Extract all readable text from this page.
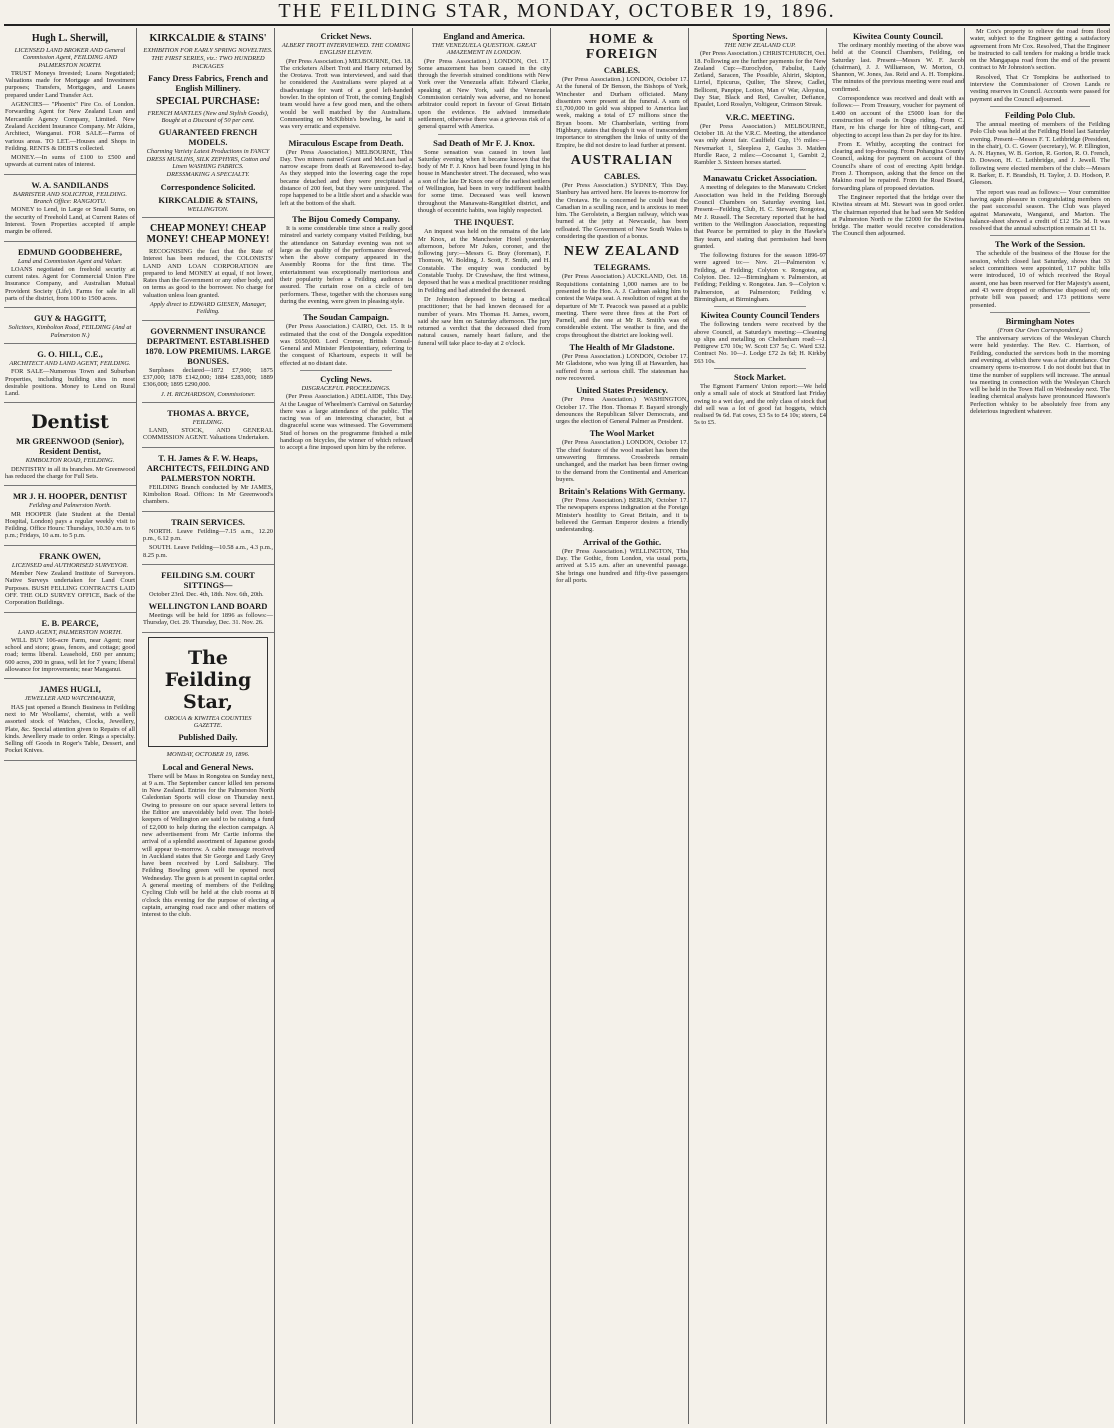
THE FEILDING STAR, MONDAY, OCTOBER 19, 1896.
Hugh L. Sherwill,
LICENSED LAND BROKER AND General Commission Agent, FEILDING AND PALMERSTON NORTH.

TRUST Moneys Invested; Loans Negotiated; Valuations made for Mortgage and Investment purposes; Transfers, Mortgages, and Leases prepared under Land Transfer Act.

AGENCIES— "Phoenix" Fire Co. of London. Forwarding Agent for New Zealand Loan and Mercantile Agency Company, Limited. New Zealand Accident Insurance Company. Mr Atkins, Architect, Wanganui. FOR SALE—Farms of various areas. TO LET.—Houses and Shops in Feilding. RENTS & DEBTS collected.

MONEY.—In sums of £100 to £500 and upwards at current rates of interest.

W. A. SANDILANDS
BARRISTER AND SOLICITOR, FEILDING. Branch Office: RANGIOTU.

MONEY to Lend, in Large or Small Sums, on the security of Freehold Land, at Current Rates of Interest. Town Properties accepted if ample margin be offered.

EDMUND GOODBEHERE,
Land and Commission Agent and Valuer.

LOANS negotiated on freehold security at current rates. Agent for Commercial Union Fire Insurance Company, and Australian Mutual Provident Society (Life). Farms for sale in all parts of the district, from 100 to 1500 acres.

GUY & HAGGITT,
Solicitors, Kimbolton Road, FEILDING (And at Palmerston N.)
G. O. HILL, C.E.,
ARCHITECT AND LAND AGENT, FEILDING.

FOR SALE—Numerous Town and Suburban Properties, including building sites in most desirable positions. Money to Lend on Rural Land.

Dentist
MR GREENWOOD (Senior), Resident Dentist,
KIMBOLTON ROAD, FEILDING.

DENTISTRY in all its branches. Mr Greenwood has reduced the charge for Full Sets.

MR J. H. HOOPER, DENTIST
Feilding and Palmerston North.

MR HOOPER (late Student at the Dental Hospital, London) pays a regular weekly visit to Feilding. Office Hours: Thursdays, 10.30 a.m. to 6 p.m.; Fridays, 10 a.m. to 5 p.m.

FRANK OWEN,
LICENSED and AUTHORISED SURVEYOR.

Member New Zealand Institute of Surveyors. Native Surveys undertaken for Land Court Purposes. BUSH FELLING CONTRACTS LAID OFF. THE OLD SURVEY OFFICE, Back of the Corporation Buildings.

E. B. PEARCE,
LAND AGENT, PALMERSTON NORTH.

WILL BUY 106-acre Farm, near Agent; near school and store; grass, fences, and cottage; good road; terms liberal. Leasehold, £60 per annum; 600 acres, 200 in grass, will let for 7 years; liberal allowance for improvements; near Manganui.

JAMES HUGLI,
JEWELLER AND WATCHMAKER,

HAS just opened a Branch Business in Feilding next to Mr Woollams', chemist, with a well assorted stock of Watches, Clocks, Jewellery, Plate, &c. Special attention given to Repairs of all kinds. Jewellery made to order. Rings a specialty. Selling off Goods in Roger's Table, Dessert, and Pocket Knives.

KIRKCALDIE & STAINS'
EXHIBITION FOR EARLY SPRING NOVELTIES.
THE FIRST SERIES, viz.: TWO HUNDRED PACKAGES
Fancy Dress Fabrics, French and English Millinery.
SPECIAL PURCHASE:
FRENCH MANTLES (New and Stylish Goods), Bought at a Discount of 50 per cent.
GUARANTEED FRENCH MODELS.
Charming Variety Latest Productions in FANCY DRESS MUSLINS, SILK ZEPHYRS, Cotton and Linen WASHING FABRICS.
DRESSMAKING A SPECIALTY.
Correspondence Solicited.
KIRKCALDIE & STAINS,
WELLINGTON.
CHEAP MONEY! CHEAP MONEY! CHEAP MONEY!

RECOGNISING the fact that the Rate of Interest has been reduced, the COLONISTS' LAND AND LOAN CORPORATION are prepared to lend MONEY at equal, if not lower, Rates than the Government or any other body, and on terms as good to the borrower. No charge for valuation unless loan granted.

Apply direct to EDWARD GIESEN, Manager, Feilding.
GOVERNMENT INSURANCE DEPARTMENT. ESTABLISHED 1870. LOW PREMIUMS. LARGE BONUSES.

Surpluses declared—1872 £7,900; 1875 £37,000; 1878 £142,000; 1884 £283,000; 1889 £306,000; 1895 £290,000.

J. H. RICHARDSON, Commissioner.
THOMAS A. BRYCE,
FEILDING.

LAND, STOCK, AND GENERAL COMMISSION AGENT. Valuations Undertaken.

T. H. James & F. W. Heaps, ARCHITECTS, FEILDING AND PALMERSTON NORTH.

FEILDING Branch conducted by Mr JAMES, Kimbolton Road. Offices: In Mr Greenwood's chambers.

TRAIN SERVICES.

NORTH. Leave Feilding—7.15 a.m., 12.20 p.m., 6.12 p.m.

SOUTH. Leave Feilding—10.58 a.m., 4.3 p.m., 8.25 p.m.

FEILDING S.M. COURT SITTINGS—

October 23rd. Dec. 4th, 18th. Nov. 6th, 20th.

WELLINGTON LAND BOARD

Meetings will be held for 1896 as follows:— Thursday, Oct. 29. Thursday, Dec. 31. Nov. 26.

The Feilding Star,
OROUA & KIWITEA COUNTIES GAZETTE.
Published Daily.
MONDAY, OCTOBER 19, 1896.
Local and General News.

There will be Mass in Rongotea on Sunday next, at 9 a.m. The September cancer killed ten persons in New Zealand. Entries for the Palmerston North Caledonian Sports will close on Thursday next. Owing to pressure on our space several letters to the Editor are unavoidably held over. The hotel-keepers of Wellington are said to be raising a fund of £2,000 to help during the election campaign. A new advertisement from Mr Cartie informs the arrival of a splendid assortment of Japanese goods will appear to-morrow. A cable message received in Auckland states that Sir George and Lady Grey have been received by Lord Salisbury. The Feilding Bowling green will be opened next Wednesday. The green is at present in capital order. A general meeting of members of the Feilding Cycling Club will be held at the club rooms at 8 o'clock this evening for the purpose of electing a captain, arranging road race and other matters of interest to the club.

Cricket News.
ALBERT TROTT INTERVIEWED. THE COMING ENGLISH ELEVEN.

(Per Press Association.) MELBOURNE, Oct. 18. The cricketers Albert Trott and Harry returned by the Orotava. Trott was interviewed, and said that he considered the Australians were played at a disadvantage for want of a good left-handed bowler. In the opinion of Trott, the coming English team would have a few good men, and the others would be well matched by the Australians. Commenting on McKibbin's bowling, he said it was very erratic and expensive.

Miraculous Escape from Death.

(Per Press Association.) MELBOURNE, This Day. Two miners named Grant and McLean had a narrow escape from death at Ravenswood to-day. As they stepped into the lowering cage the rope became detached and they were precipitated a distance of 200 feet, but they were uninjured. The rope happened to be a little short and a shackle was left at the bottom of the shaft.

The Bijou Comedy Company.

It is some considerable time since a really good minstrel and variety company visited Feilding, but the attendance on Saturday evening was not so large as the quality of the performance deserved, when the above company appeared in the Assembly Rooms for the first time. The entertainment was exceptionally meritorious and their popularity before a Feilding audience is assured. The curtain rose on a circle of ten performers. These, together with the choruses sung during the evening, were given in pleasing style.

The Soudan Campaign.

(Per Press Association.) CAIRO, Oct. 15. It is estimated that the cost of the Dongola expedition was £650,000. Lord Cromer, British Consul-General and Minister Plenipotentiary, referring to the conquest of Khartoum, expects it will be effected at no distant date.

Cycling News.
DISGRACEFUL PROCEEDINGS.

(Per Press Association.) ADELAIDE, This Day. At the League of Wheelmen's Carnival on Saturday there was a large attendance of the public. The racing was of an interesting character, but a disgraceful scene was witnessed. The Government Stud of horses on the programme finished a mile handicap on bicycles, the winner of which refused to accept a fine imposed upon him by the referee.

England and America.
THE VENEZUELA QUESTION. GREAT AMAZEMENT IN LONDON.

(Per Press Association.) LONDON, Oct. 17. Some amazement has been caused in the city through the feverish strained conditions with New York over the Venezuela affair. Edward Clarke, speaking at New York, said the Venezuela Commission certainly was adverse, and no honest arbitrator could report in favour of Great Britain upon the evidence. He advised immediate settlement, otherwise there was a grievous risk of a general quarrel with America.

Sad Death of Mr F. J. Knox.

Some sensation was caused in town last Saturday evening when it became known that the body of Mr F. J. Knox had been found lying in his house in Manchester street. The deceased, who was a son of the late Dr Knox one of the earliest settlers of Wellington, had been in very indifferent health for some time. Deceased was well known throughout the Manawatu-Rangitikei district, and though of eccentric habits, was highly respected.

THE INQUEST.

An inquest was held on the remains of the late Mr Knox, at the Manchester Hotel yesterday afternoon, before Mr Jukes, coroner, and the following jury:—Messrs G. Bray (foreman), F. Thomson, W. Bolding, J. Scott, F. Smith, and H. Constable. The enquiry was conducted by Constable Tuohy. Dr Crawshaw, the first witness, deposed that he was a medical practitioner residing in Feilding and had attended the deceased.

Dr Johnston deposed to being a medical practitioner; that he had known deceased for a number of years. Mrs Thomas H. James, sworn, said she saw him on Saturday afternoon. The jury returned a verdict that the deceased died from natural causes, namely heart failure, and the funeral will take place to-day at 2 o'clock.

HOME & FOREIGN
CABLES.

(Per Press Association.) LONDON, October 17. At the funeral of Dr Benson, the Bishops of York, Winchester and Durham officiated. Many dissenters were present at the funeral. A sum of £1,700,000 in gold was shipped to America last week, making a total of £7 millions since the Bryan boom. Mr Chamberlain, writing from Highbury, states that though it was of transcendent importance to strengthen the links of unity of the Empire, he did not desire to lead further at present.

AUSTRALIAN
CABLES.

(Per Press Association.) SYDNEY, This Day. Stanbury has arrived here. He leaves to-morrow for the Orotava. He is concerned he could beat the Canadian in a sculling race, and is anxious to meet him. The Gerolstein, a Bergian railway, which was burned at the jetty at Newcastle, has been refloated. The Government of New South Wales is considering the question of a bonus.

NEW ZEALAND
TELEGRAMS.

(Per Press Association.) AUCKLAND, Oct. 18. Requisitions containing 1,000 names are to be presented to the Hon. A. J. Cadman asking him to contest the Waipa seat. A resolution of regret at the departure of Mr T. Peacock was passed at a public meeting. There were three fires at the Port of Parnell, and the one at Mr R. Smith's was of considerable extent. The weather is fine, and the crops throughout the district are looking well.

The Health of Mr Gladstone.

(Per Press Association.) LONDON, October 17. Mr Gladstone, who was lying ill at Hawarden, has suffered from a serious chill. The statesman has now recovered.

United States Presidency.

(Per Press Association.) WASHINGTON, October 17. The Hon. Thomas F. Bayard strongly denounces the Republican Silver Democrats, and urges the election of General Palmer as President.

The Wool Market

(Per Press Association.) LONDON, October 17. The chief feature of the wool market has been the unwavering firmness. Crossbreds remain unchanged, and the market has been firmer owing to the demand from the Continental and American buyers.

Britain's Relations With Germany.

(Per Press Association.) BERLIN, October 17. The newspapers express indignation at the Foreign Minister's hostility to Great Britain, and it is believed the German Emperor desires a friendly understanding.

Arrival of the Gothic.

(Per Press Association.) WELLINGTON, This Day. The Gothic, from London, via usual ports, arrived at 5.15 a.m. after an uneventful passage. She brings one hundred and fifty-five passengers for all ports.

Sporting News.
THE NEW ZEALAND CUP.

(Per Press Association.) CHRISTCHURCH, Oct. 18. Following are the further payments for the New Zealand Cup:—Euroclydon, Fabulist, Lady Zetland, Saracen, The Possible, Ahiriri, Skipton, Lirriel, Epicurus, Quilter, The Shrew, Cadlet, Bellicent, Panpipe, Lotion, Man o' War, Aloysius, Day Star, Black and Red, Cavalier, Defiance, Epaulet, Lord Rosslyn, Voltigeur, Crimson Streak.

V.R.C. MEETING.

(Per Press Association.) MELBOURNE, October 18. At the V.R.C. Meeting, the attendance was only about fair. Caulfield Cup, 1½ miles:—Newmarket 1, Sleepless 2, Gaulus 3. Maiden Hurdle Race, 2 miles:—Cocoanut 1, Gambit 2, Rambler 3. Sixteen horses started.

Manawatu Cricket Association.

A meeting of delegates to the Manawatu Cricket Association was held in the Feilding Borough Council Chambers on Saturday evening last. Present—Feilding Club, H. C. Stewart; Rongotea, Mr J. Russell. The Secretary reported that he had written to the Wellington Association, requesting that Pearce be permitted to play in the Hawke's Bay team, and stating that permission had been granted.

The following fixtures for the season 1896-97 were agreed to:— Nov. 21—Palmerston v. Feilding, at Feilding; Colyton v. Rongotea, at Colyton. Dec. 12—Birmingham v. Palmerston, at Feilding; Feilding v. Rongotea. Jan. 9—Colyton v. Palmerston, at Palmerston; Feilding v. Birmingham, at Birmingham.

Kiwitea County Council Tenders

The following tenders were received by the above Council, at Saturday's meeting:—Cleaning up slips and metalling on Cheltenham road:—J. Pettigrew £70 10s; W. Scott £37 5s; C. Ward £32. Contract No. 10—J. Lodge £72 2s 6d; H. Kirkby £63 10s.

Stock Market.

The Egmont Farmers' Union report:—We held only a small sale of stock at Stratford last Friday owing to a wet day, and the only class of stock that did sell was a lot of good fat hoggets, which realised 9s 6d. Fat cows, £3 5s to £4 10s; steers, £4 5s to £5.

Kiwitea County Council.

The ordinary monthly meeting of the above was held at the Council Chambers, Feilding, on Saturday last. Present—Messrs W. F. Jacob (chairman), J. J. Williamson, W. Morton, O. Shannon, W. Jones, Jas. Reid and A. H. Tompkins. The minutes of the previous meeting were read and confirmed.

Correspondence was received and dealt with as follows:— From Treasury, voucher for payment of L400 on account of the £5000 loan for the construction of roads in Ongo riding. From C. Hare, re his charge for hire of tilting-cart, and objecting to accept less than 2s per day for its hire.

From E. Whitby, accepting the contract for clearing and top-dressing. From Pohangina County Council, asking for payment on account of this Council's share of cost of erecting Apiti bridge. From J. Thompson, asking that the fence on the Makino road be repaired. From the Road Board, forwarding plans of proposed deviation.

The Engineer reported that the bridge over the Kiwitea stream at Mt. Stewart was in good order. The chairman reported that he had seen Mr Seddon at Palmerston North re the £2000 for the Kiwitea bridge. The matter would receive consideration. The Council then adjourned.

Mr Cox's property to relieve the road from flood water, subject to the Engineer getting a satisfactory agreement from Mr Cox. Resolved, That the Engineer be instructed to call tenders for making a bridle track on the Mangapapa road from the end of the present contract to Mr Johnston's section.

Resolved, That Cr Tompkins be authorised to interview the Commissioner of Crown Lands re vesting reserves in Council. Accounts were passed for payment and the Council adjourned.

Feilding Polo Club.

The annual meeting of members of the Feilding Polo Club was held at the Feilding Hotel last Saturday evening. Present—Messrs F. T. Lethbridge (President, in the chair), O. C. Gower (secretary), W. P. Ellington, A. N. Haynes, W. B. Gorton, R. Gorton, R. O. French, D. Dowson, H. C. Lethbridge, and J. Jewell. The following were elected members of the club:—Messrs R. Barker, E. F. Brandish, H. Taylor, J. D. Hodson, P. Gleeson.

The report was read as follows:— Your committee having again pleasure in congratulating members on the past successful season. The Club was played against Manawatu, Wanganui, and Marton. The balance-sheet showed a credit of £12 15s 3d. It was resolved that the annual subscription remain at £1 1s.

The Work of the Session.

The schedule of the business of the House for the session, which closed last Saturday, shows that 33 select committees were appointed, 117 public bills were introduced, 10 of which received the Royal assent, one has been reserved for Her Majesty's assent, and 43 were dropped or otherwise disposed of; one private bill was passed; and 173 petitions were presented.

Birmingham Notes
(From Our Own Correspondent.)

The anniversary services of the Wesleyan Church were held yesterday. The Rev. C. Harrison, of Feilding, conducted the services both in the morning and evening, at which there was a fair attendance. Our creamery opens to-morrow. I do not doubt but that in time the number of suppliers will increase. The annual tea meeting in connection with the Wesleyan Church will be held in the Town Hall on Wednesday next. The leading chemical analysts have pronounced Hawson's Perfection whisky to be absolutely free from any deleterious ingredient whatever.
